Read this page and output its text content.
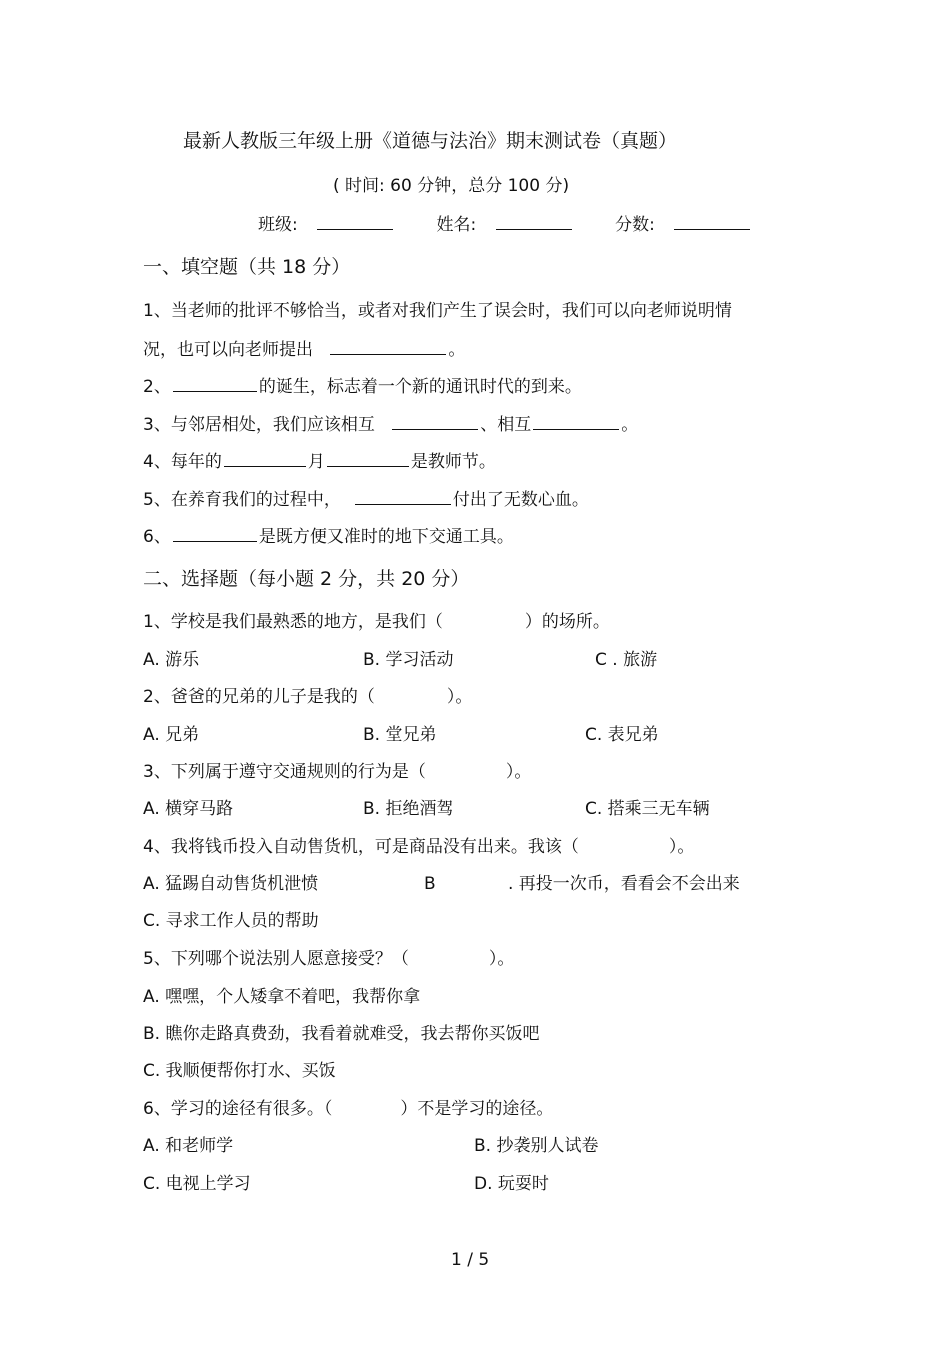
最新人教版三年级上册《道德与法治》期末测试卷（真题）
( 时间: 60 分钟，总分 100 分)
班级:	姓名:	分数:
一、填空题（共 18 分）
1、当老师的批评不够恰当，或者对我们产生了误会时，我们可以向老师说明情
况，也可以向老师提出	。
2、	的诞生，标志着一个新的通讯时代的到来。
3、与邻居相处，我们应该相互	、相互	。
4、每年的	月	是教师节。
5、在养育我们的过程中，	付出了无数心血。
6、	是既方便又准时的地下交通工具。
二、选择题（每小题 2 分，共 20 分）
1、学校是我们最熟悉的地方，是我们（	）的场所。
A. 游乐	B. 学习活动	C . 旅游
2、爸爸的兄弟的儿子是我的（	）。
A. 兄弟	B. 堂兄弟	C. 表兄弟
3、下列属于遵守交通规则的行为是（	）。
A. 横穿马路	B. 拒绝酒驾	C. 搭乘三无车辆
4、我将钱币投入自动售货机，可是商品没有出来。我该（	）。
A. 猛踢自动售货机泄愤	B	. 再投一次币，看看会不会出来
C. 寻求工作人员的帮助
5、下列哪个说法别人愿意接受？（	）。
A. 嘿嘿，个人矮拿不着吧，我帮你拿
B. 瞧你走路真费劲，我看着就难受，我去帮你买饭吧
C. 我顺便帮你打水、买饭
6、学习的途径有很多。（	）不是学习的途径。
A. 和老师学	B. 抄袭别人试卷
C. 电视上学习	D. 玩耍时
1 / 5
